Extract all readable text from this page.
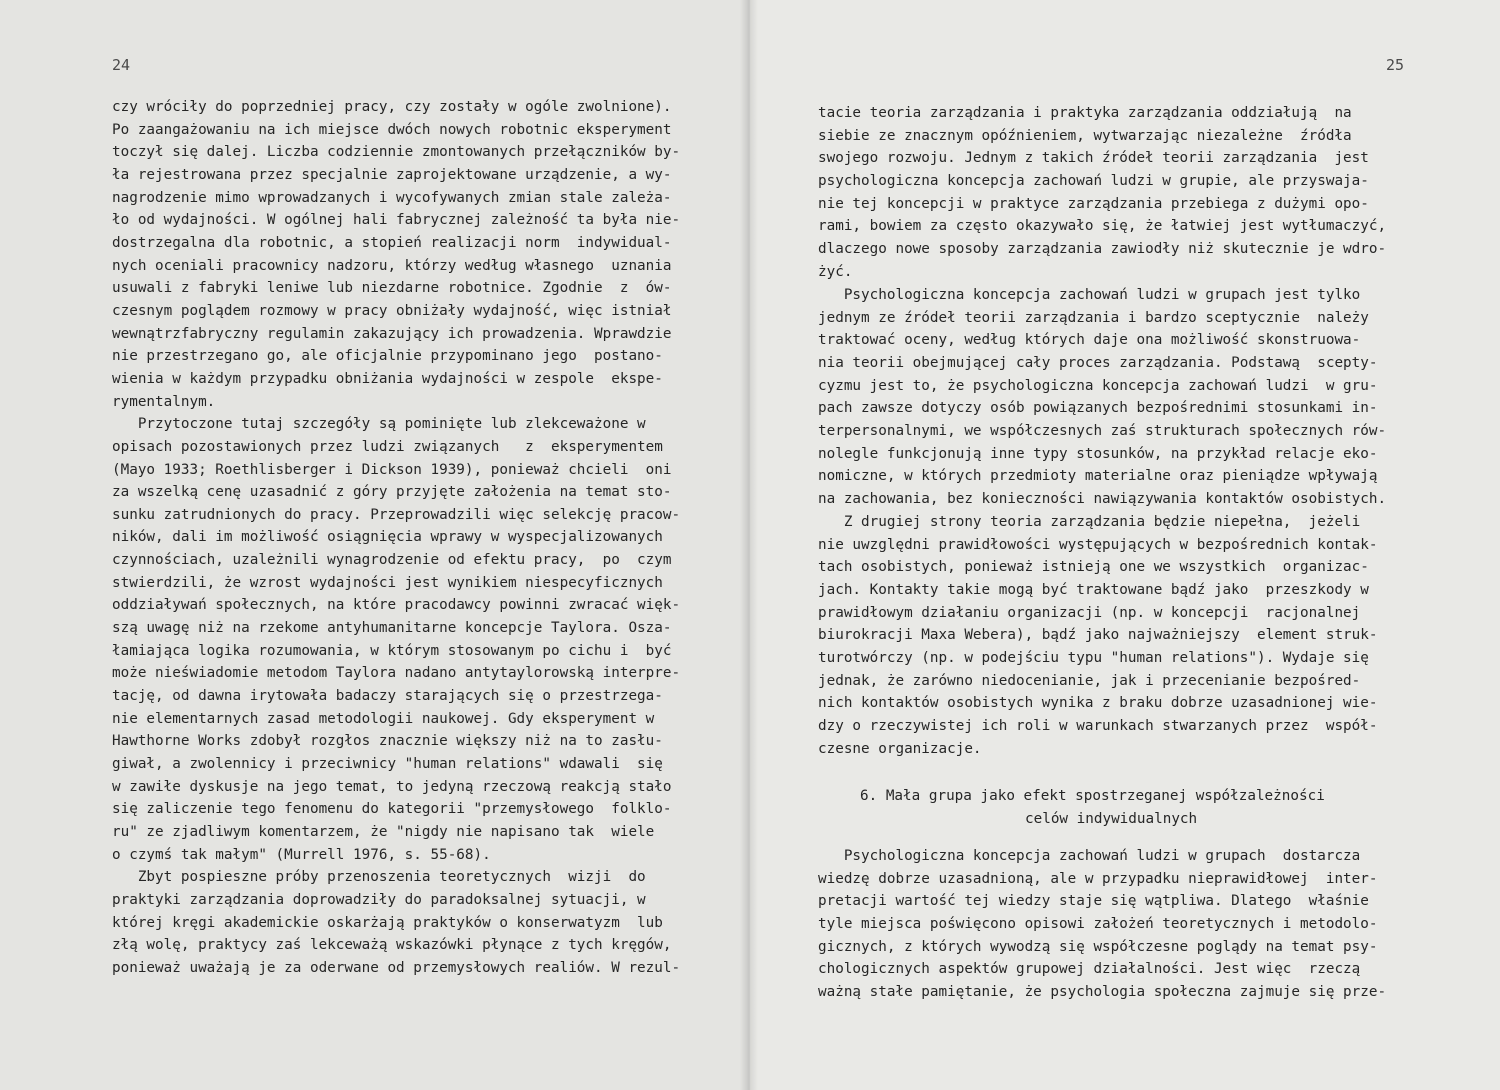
24
czy wróciły do poprzedniej pracy, czy zostały w ogóle zwolnione).
Po zaangażowaniu na ich miejsce dwóch nowych robotnic eksperyment
toczył się dalej. Liczba codziennie zmontowanych przełączników by-
ła rejestrowana przez specjalnie zaprojektowane urządzenie, a wy-
nagrodzenie mimo wprowadzanych i wycofywanych zmian stale zależa-
ło od wydajności. W ogólnej hali fabrycznej zależność ta była nie-
dostrzegalna dla robotnic, a stopień realizacji norm  indywidual-
nych oceniali pracownicy nadzoru, którzy według własnego  uznania
usuwali z fabryki leniwe lub niezdarne robotnice. Zgodnie  z  ów-
czesnym poglądem rozmowy w pracy obniżały wydajność, więc istniał
wewnątrzfabryczny regulamin zakazujący ich prowadzenia. Wprawdzie
nie przestrzegano go, ale oficjalnie przypominano jego  postano-
wienia w każdym przypadku obniżania wydajności w zespole  ekspe-
rymentalnym.
Przytoczone tutaj szczegóły są pominięte lub zlekceważone w
opisach pozostawionych przez ludzi związanych   z  eksperymentem
(Mayo 1933; Roethlisberger i Dickson 1939), ponieważ chcieli  oni
za wszelką cenę uzasadnić z góry przyjęte założenia na temat sto-
sunku zatrudnionych do pracy. Przeprowadzili więc selekcję pracow-
ników, dali im możliwość osiągnięcia wprawy w wyspecjalizowanych
czynnościach, uzależnili wynagrodzenie od efektu pracy,  po  czym
stwierdzili, że wzrost wydajności jest wynikiem niespecyficznych
oddziaływań społecznych, na które pracodawcy powinni zwracać więk-
szą uwagę niż na rzekome antyhumanitarne koncepcje Taylora. Osza-
łamiająca logika rozumowania, w którym stosowanym po cichu i  być
może nieświadomie metodom Taylora nadano antytaylorowską interpre-
tację, od dawna irytowała badaczy starających się o przestrzega-
nie elementarnych zasad metodologii naukowej. Gdy eksperyment w
Hawthorne Works zdobył rozgłos znacznie większy niż na to zasłu-
giwał, a zwolennicy i przeciwnicy "human relations" wdawali  się
w zawiłe dyskusje na jego temat, to jedyną rzeczową reakcją stało
się zaliczenie tego fenomenu do kategorii "przemysłowego  folklo-
ru" ze zjadliwym komentarzem, że "nigdy nie napisano tak  wiele
o czymś tak małym" (Murrell 1976, s. 55-68).
Zbyt pospieszne próby przenoszenia teoretycznych  wizji  do
praktyki zarządzania doprowadziły do paradoksalnej sytuacji, w
której kręgi akademickie oskarżają praktyków o konserwatyzm  lub
złą wolę, praktycy zaś lekceważą wskazówki płynące z tych kręgów,
ponieważ uważają je za oderwane od przemysłowych realiów. W rezul-
25
tacie teoria zarządzania i praktyka zarządzania oddziałują  na
siebie ze znacznym opóźnieniem, wytwarzając niezależne  źródła
swojego rozwoju. Jednym z takich źródeł teorii zarządzania  jest
psychologiczna koncepcja zachowań ludzi w grupie, ale przyswaja-
nie tej koncepcji w praktyce zarządzania przebiega z dużymi opo-
rami, bowiem za często okazywało się, że łatwiej jest wytłumaczyć,
dlaczego nowe sposoby zarządzania zawiodły niż skutecznie je wdro-
żyć.
Psychologiczna koncepcja zachowań ludzi w grupach jest tylko
jednym ze źródeł teorii zarządzania i bardzo sceptycznie  należy
traktować oceny, według których daje ona możliwość skonstruowa-
nia teorii obejmującej cały proces zarządzania. Podstawą  scepty-
cyzmu jest to, że psychologiczna koncepcja zachowań ludzi  w gru-
pach zawsze dotyczy osób powiązanych bezpośrednimi stosunkami in-
terpersonalnymi, we współczesnych zaś strukturach społecznych rów-
nolegle funkcjonują inne typy stosunków, na przykład relacje eko-
nomiczne, w których przedmioty materialne oraz pieniądze wpływają
na zachowania, bez konieczności nawiązywania kontaktów osobistych.
Z drugiej strony teoria zarządzania będzie niepełna,  jeżeli
nie uwzględni prawidłowości występujących w bezpośrednich kontak-
tach osobistych, ponieważ istnieją one we wszystkich  organizac-
jach. Kontakty takie mogą być traktowane bądź jako  przeszkody w
prawidłowym działaniu organizacji (np. w koncepcji  racjonalnej
biurokracji Maxa Webera), bądź jako najważniejszy  element struk-
turotwórczy (np. w podejściu typu "human relations"). Wydaje się
jednak, że zarówno niedocenianie, jak i przecenianie bezpośred-
nich kontaktów osobistych wynika z braku dobrze uzasadnionej wie-
dzy o rzeczywistej ich roli w warunkach stwarzanych przez  współ-
czesne organizacje.
6. Mała grupa jako efekt spostrzeganej współzależności
celów indywidualnych
Psychologiczna koncepcja zachowań ludzi w grupach  dostarcza
wiedzę dobrze uzasadnioną, ale w przypadku nieprawidłowej  inter-
pretacji wartość tej wiedzy staje się wątpliwa. Dlatego  właśnie
tyle miejsca poświęcono opisowi założeń teoretycznych i metodolo-
gicznych, z których wywodzą się współczesne poglądy na temat psy-
chologicznych aspektów grupowej działalności. Jest więc  rzeczą
ważną stałe pamiętanie, że psychologia społeczna zajmuje się prze-
